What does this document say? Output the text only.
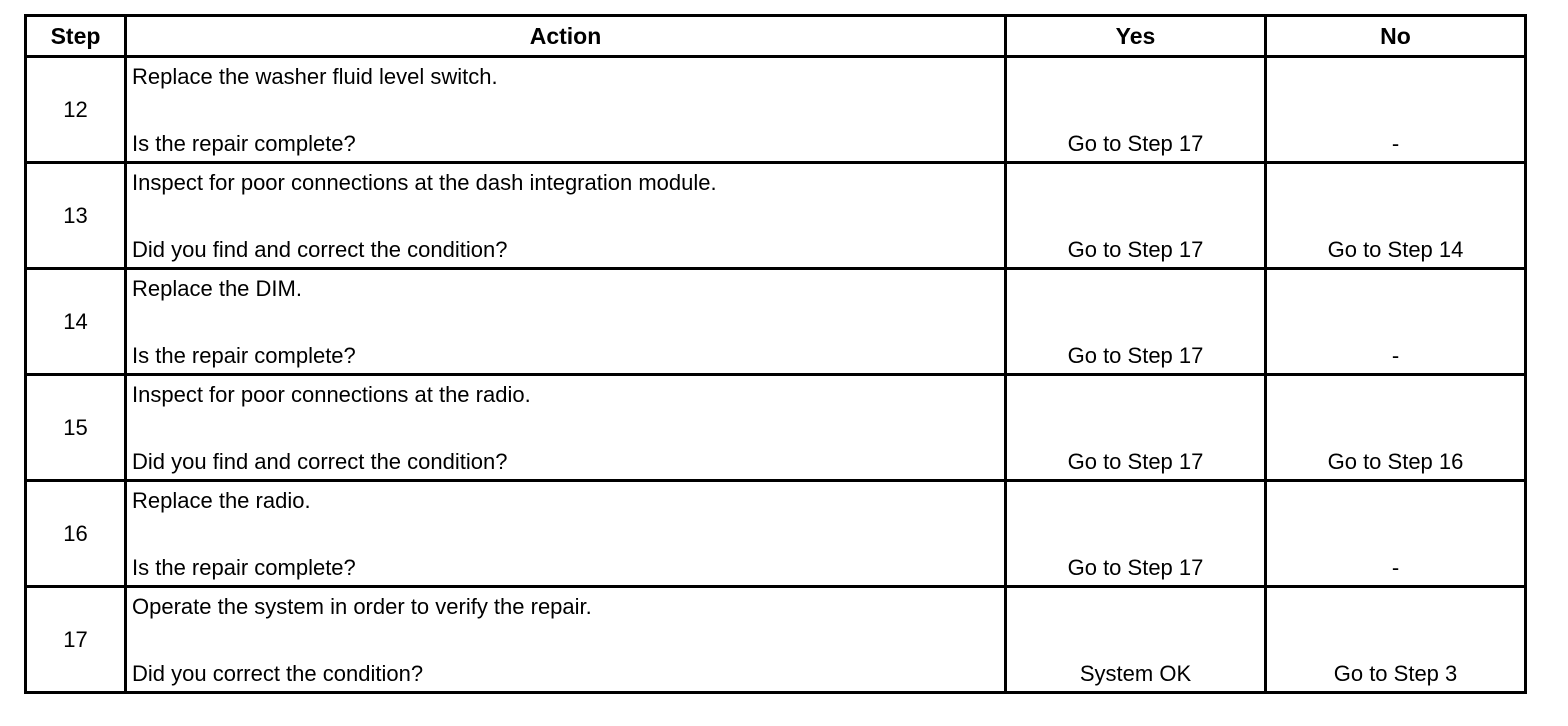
Step	Action	Yes	No
12	Replace the washer fluid level switch.
Is the repair complete?	Go to Step 17	-

13	Inspect for poor connections at the dash integration module.
Did you find and correct the condition?	Go to Step 17	Go to Step 14

14	Replace the DIM.
Is the repair complete?	Go to Step 17	-

15	Inspect for poor connections at the radio.
Did you find and correct the condition?	Go to Step 17	Go to Step 16

16	Replace the radio.
Is the repair complete?	Go to Step 17	-

17	Operate the system in order to verify the repair.
Did you correct the condition?	System OK	Go to Step 3
